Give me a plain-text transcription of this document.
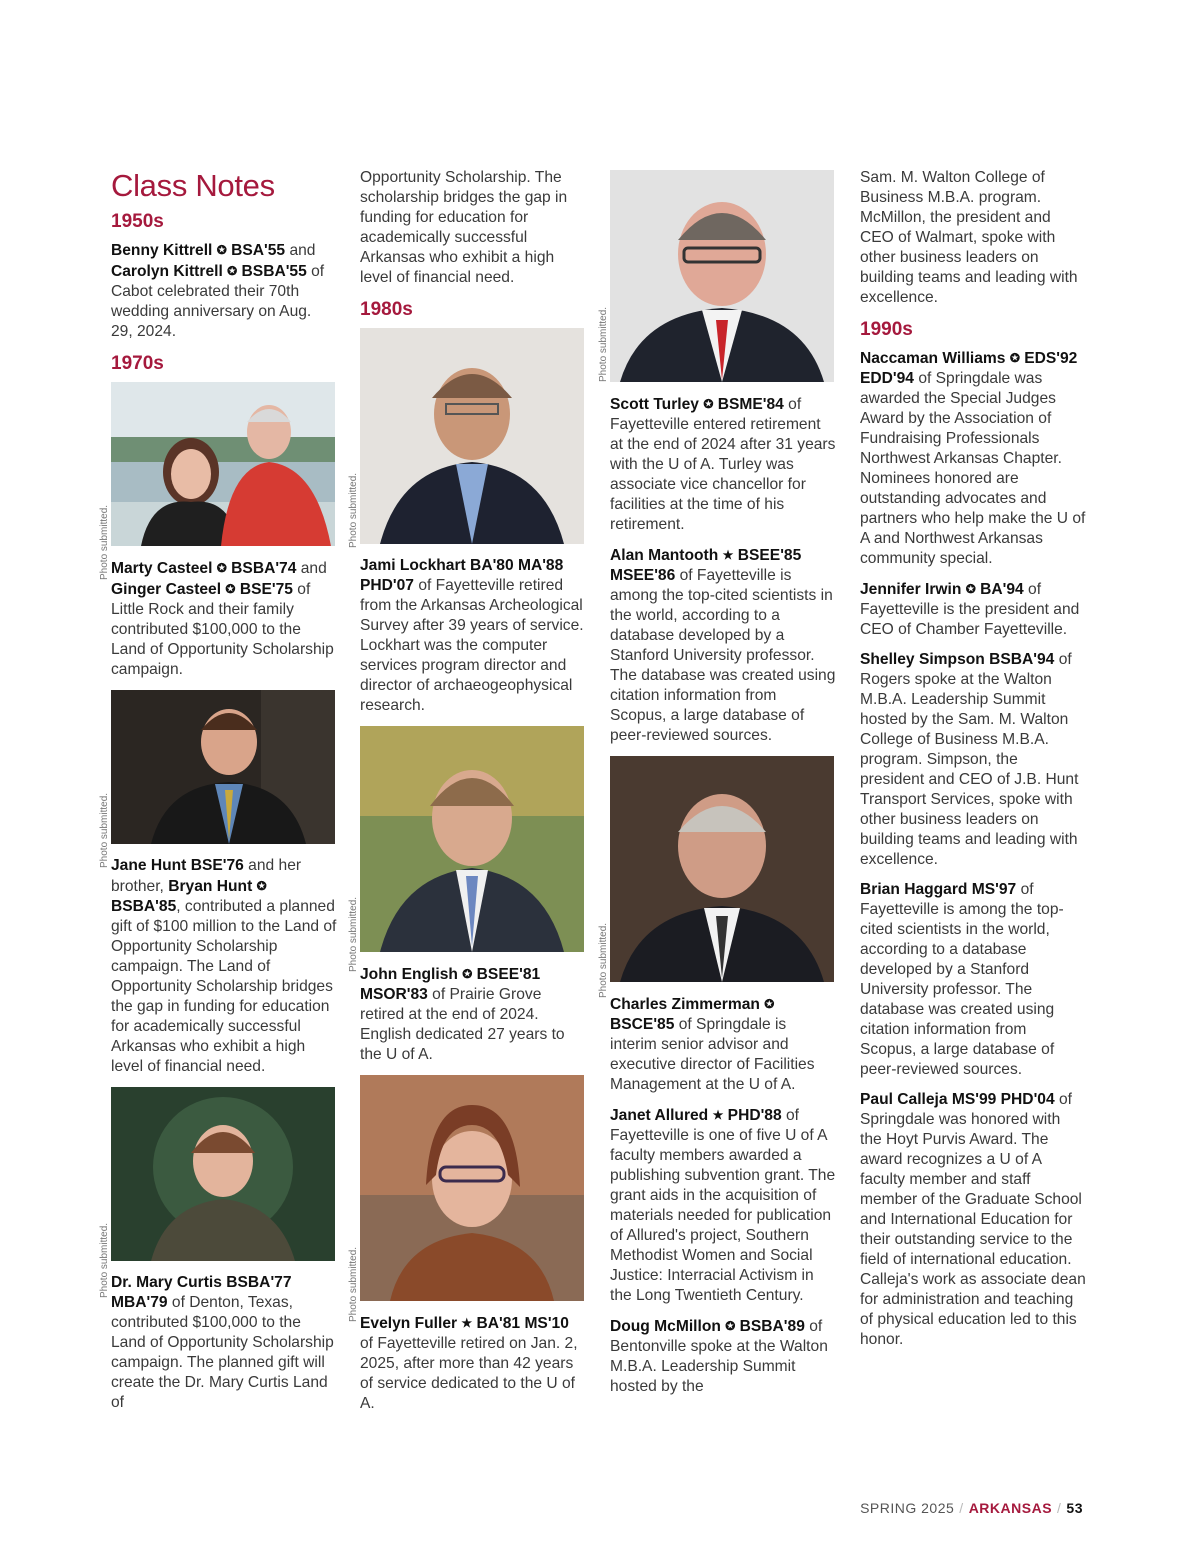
Class Notes
1950s

Benny Kittrell ✪ BSA'55 and Carolyn Kittrell ✪ BSBA'55 of Cabot celebrated their 70th wedding anniversary on Aug. 29, 2024.

1970s

Marty Casteel ✪ BSBA'74 and Ginger Casteel ✪ BSE'75 of Little Rock and their family contributed $100,000 to the Land of Opportunity Scholarship campaign.

Jane Hunt BSE'76 and her brother, Bryan Hunt ✪ BSBA'85, contributed a planned gift of $100 million to the Land of Opportunity Scholarship campaign. The Land of Opportunity Scholarship bridges the gap in funding for education for academically successful Arkansas who exhibit a high level of financial need.

Dr. Mary Curtis BSBA'77 MBA'79 of Denton, Texas, contributed $100,000 to the Land of Opportunity Scholarship campaign. The planned gift will create the Dr. Mary Curtis Land of

Opportunity Scholarship. The scholarship bridges the gap in funding for education for academically successful Arkansas who exhibit a high level of financial need.

1980s

Jami Lockhart BA'80 MA'88 PHD'07 of Fayetteville retired from the Arkansas Archeological Survey after 39 years of service. Lockhart was the computer services program director and director of archaeogeophysical research.

John English ✪ BSEE'81 MSOR'83 of Prairie Grove retired at the end of 2024. English dedicated 27 years to the U of A.

Evelyn Fuller ★ BA'81 MS'10 of Fayetteville retired on Jan. 2, 2025, after more than 42 years of service dedicated to the U of A.

Scott Turley ✪ BSME'84 of Fayetteville entered retirement at the end of 2024 after 31 years with the U of A. Turley was associate vice chancellor for facilities at the time of his retirement.

Alan Mantooth ★ BSEE'85 MSEE'86 of Fayetteville is among the top-cited scientists in the world, according to a database developed by a Stanford University professor. The database was created using citation information from Scopus, a large database of peer-reviewed sources.

Charles Zimmerman ✪ BSCE'85 of Springdale is interim senior advisor and executive director of Facilities Management at the U of A.

Janet Allured ★ PHD'88 of Fayetteville is one of five U of A faculty members awarded a publishing subvention grant. The grant aids in the acquisition of materials needed for publication of Allured's project, Southern Methodist Women and Social Justice: Interracial Activism in the Long Twentieth Century.

Doug McMillon ✪ BSBA'89 of Bentonville spoke at the Walton M.B.A. Leadership Summit hosted by the

Sam. M. Walton College of Business M.B.A. program. McMillon, the president and CEO of Walmart, spoke with other business leaders on building teams and leading with excellence.

1990s

Naccaman Williams ✪ EDS'92 EDD'94 of Springdale was awarded the Special Judges Award by the Association of Fundraising Professionals Northwest Arkansas Chapter. Nominees honored are outstanding advocates and partners who help make the U of A and Northwest Arkansas community special.

Jennifer Irwin ✪ BA'94 of Fayetteville is the president and CEO of Chamber Fayetteville.

Shelley Simpson BSBA'94 of Rogers spoke at the Walton M.B.A. Leadership Summit hosted by the Sam. M. Walton College of Business M.B.A. program. Simpson, the president and CEO of J.B. Hunt Transport Services, spoke with other business leaders on building teams and leading with excellence.

Brian Haggard MS'97 of Fayetteville is among the top-cited scientists in the world, according to a database developed by a Stanford University professor. The database was created using citation information from Scopus, a large database of peer-reviewed sources.

Paul Calleja MS'99 PHD'04 of Springdale was honored with the Hoyt Purvis Award. The award recognizes a U of A faculty member and staff member of the Graduate School and International Education for their outstanding service to the field of international education. Calleja's work as associate dean for administration and teaching of physical education led to this honor.

Photo submitted.
Photo submitted.
Photo submitted.
Photo submitted.
Photo submitted.
Photo submitted.
Photo submitted.
Photo submitted.
SPRING 2025 / ARKANSAS / 53
